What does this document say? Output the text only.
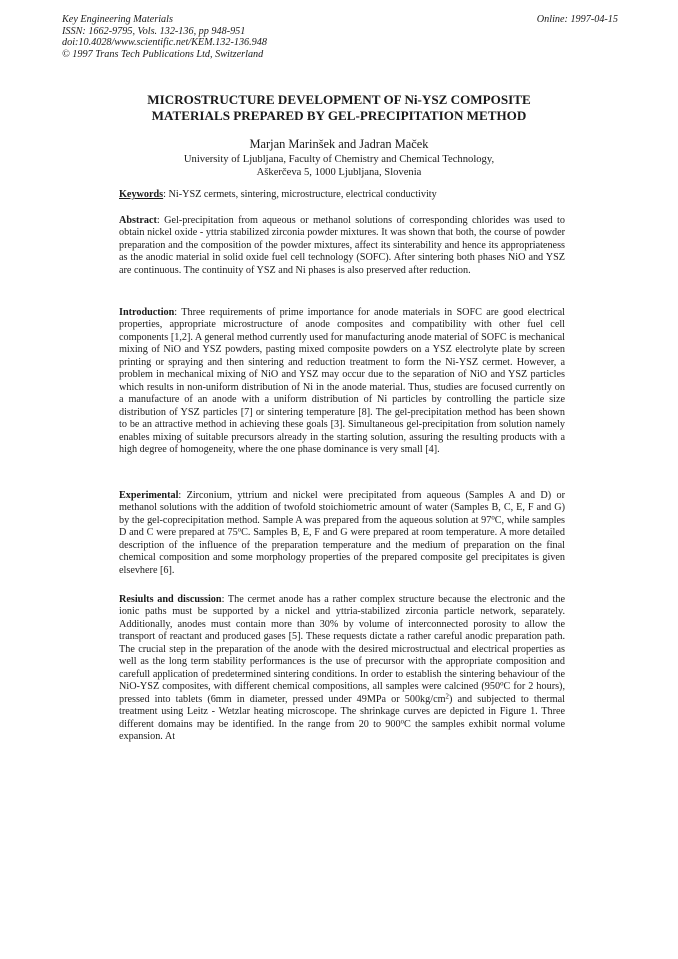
Key Engineering Materials
ISSN: 1662-9795, Vols. 132-136, pp 948-951
doi:10.4028/www.scientific.net/KEM.132-136.948
© 1997 Trans Tech Publications Ltd, Switzerland
Online: 1997-04-15
MICROSTRUCTURE DEVELOPMENT OF Ni-YSZ COMPOSITE
MATERIALS PREPARED BY GEL-PRECIPITATION METHOD
Marjan Marinšek and Jadran Maček
University of Ljubljana, Faculty of Chemistry and Chemical Technology,
Aškerčeva 5, 1000 Ljubljana, Slovenia
Keywords: Ni-YSZ cermets, sintering, microstructure, electrical conductivity
Abstract: Gel-precipitation from aqueous or methanol solutions of corresponding chlorides was used to obtain nickel oxide - yttria stabilized zirconia powder mixtures. It was shown that both, the course of powder preparation and the composition of the powder mixtures, affect its sinterability and hence its appropriateness as the anodic material in solid oxide fuel cell technology (SOFC). After sintering both phases NiO and YSZ are continuous. The continuity of YSZ and Ni phases is also preserved after reduction.
Introduction: Three requirements of prime importance for anode materials in SOFC are good electrical properties, appropriate microstructure of anode composites and compatibility with other fuel cell components [1,2]. A general method currently used for manufacturing anode material of SOFC is mechanical mixing of NiO and YSZ powders, pasting mixed composite powders on a YSZ electrolyte plate by screen printing or spraying and then sintering and reduction treatment to form the Ni-YSZ cermet. However, a problem in mechanical mixing of NiO and YSZ may occur due to the separation of NiO and YSZ particles which results in non-uniform distribution of Ni in the anode material. Thus, studies are focused currently on a manufacture of an anode with a uniform distribution of Ni particles by controlling the particle size distribution of YSZ particles [7] or sintering temperature [8]. The gel-precipitation method has been shown to be an attractive method in achieving these goals [3]. Simultaneous gel-precipitation from solution namely enables mixing of suitable precursors already in the starting solution, assuring the resulting products with a high degree of homogeneity, where the one phase dominance is very small [4].
Experimental: Zirconium, yttrium and nickel were precipitated from aqueous (Samples A and D) or methanol solutions with the addition of twofold stoichiometric amount of water (Samples B, C, E, F and G) by the gel-coprecipitation method. Sample A was prepared from the aqueous solution at 97$^o$C, while samples D and C were prepared at 75$^o$C. Samples B, E, F and G were prepared at room temperature. A more detailed description of the influence of the preparation temperature and the medium of preparation on the final chemical composition and some morphology properties of the prepared composite gel precipitates is given elsevhere [6].
Resiults and discussion: The cermet anode has a rather complex structure because the electronic and the ionic paths must be supported by a nickel and yttria-stabilized zirconia particle network, separately. Additionally, anodes must contain more than 30% by volume of interconnected porosity to allow the transport of reactant and produced gases [5]. These requests dictate a rather careful anodic preparation path. The crucial step in the preparation of the anode with the desired microstructual and electrical properties as well as the long term stability performances is the use of precursor with the appropriate composition and carefull application of predetermined sintering conditions. In order to establish the sintering behaviour of the NiO-YSZ composites, with different chemical compositions, all samples were calcined (950$^o$C for 2 hours), pressed into tablets (6mm in diameter, pressed under 49MPa or $500kg/cm^2$) and subjected to thermal treatment using Leitz - Wetzlar heating microscope. The shrinkage curves are depicted in Figure 1. Three different domains may be identified. In the range from 20 to 900$^o$C the samples exhibit normal volume expansion. At
